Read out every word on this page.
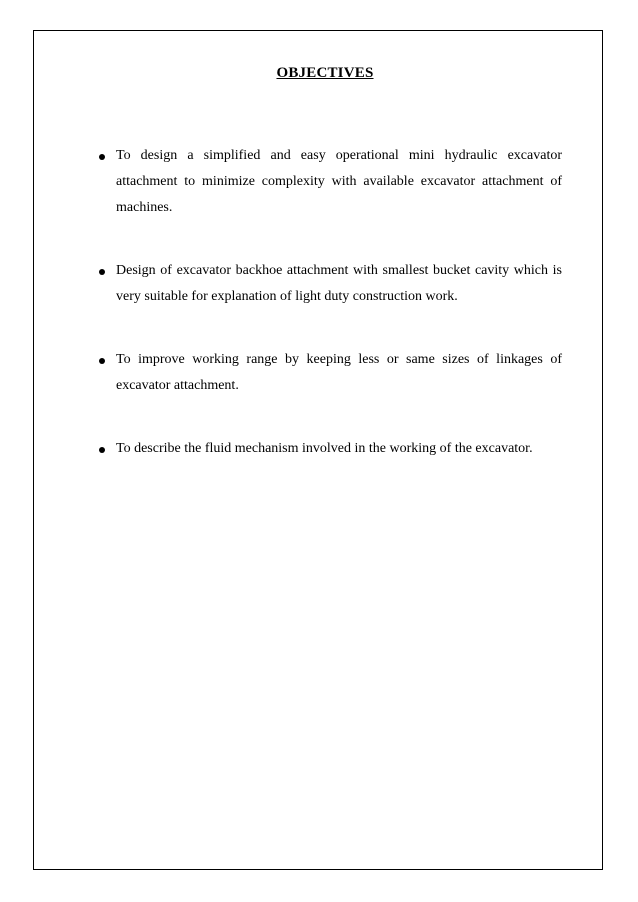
OBJECTIVES
To design a simplified and easy operational mini hydraulic excavator attachment to minimize complexity with available excavator attachment of machines.
Design of excavator backhoe attachment with smallest bucket cavity which is very suitable for explanation of light duty construction work.
To improve working range by keeping less or same sizes of linkages of excavator attachment.
To describe the fluid mechanism involved in the working of the excavator.
